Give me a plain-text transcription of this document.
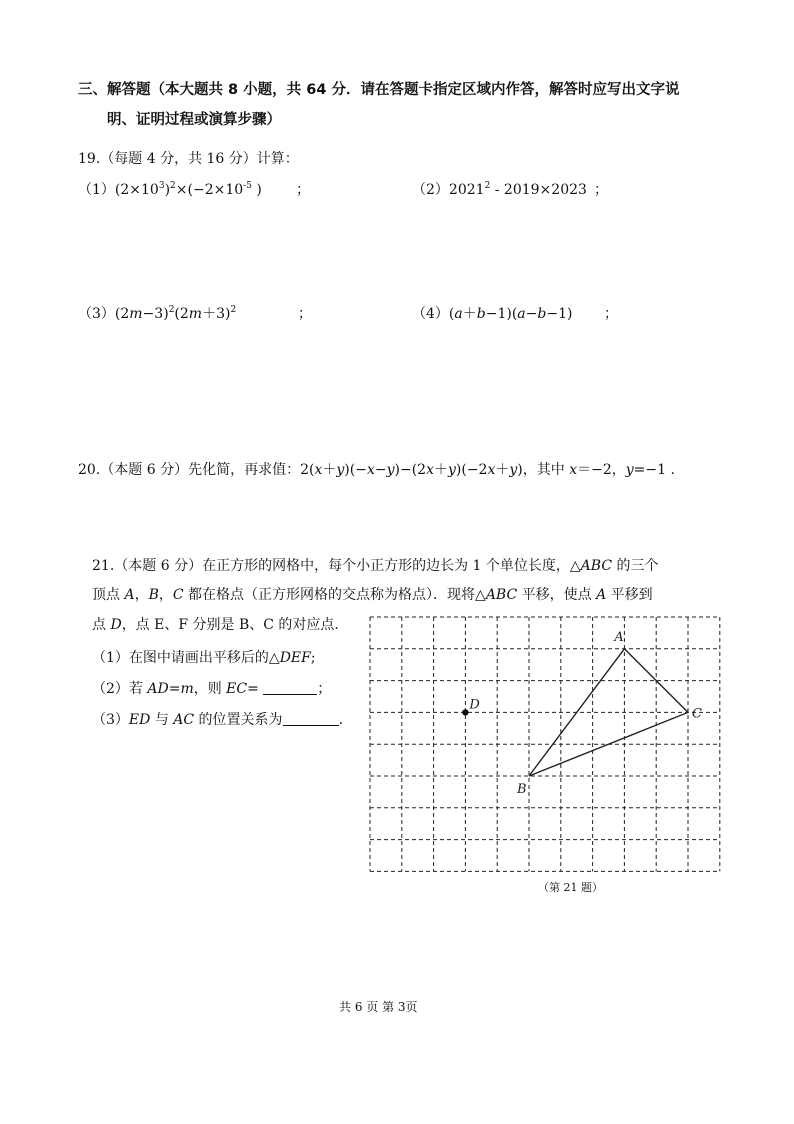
三、解答题（本大题共 8 小题，共 64 分．请在答题卡指定区域内作答，解答时应写出文字说
明、证明过程或演算步骤）
19.（每题 4 分，共 16 分）计算：
$(1)(2\times 10^3)^2\times(-2\times 10^{-5}$ ) ；	（2）2021$^2$ - 2019×2023 ；
$(3)(2m-3)^2(2m+3)^2$	；	（4）(a＋b−1)(a−b−1) ；
20.（本题 6 分）先化简，再求值：2(x＋y)(−x−y)−(2x＋y)(−2x＋y)，其中 x＝−2，y=−1 .
21.（本题 6 分）在正方形的网格中，每个小正方形的边长为 1 个单位长度，△ABC 的三个
顶点 A，B，C 都在格点（正方形网格的交点称为格点）．现将△ABC 平移，使点 A 平移到
点 D，点 E、F 分别是 B、C 的对应点．
（1）在图中请画出平移后的△DEF;
（2）若 AD=m，则 EC=	；
（3）ED 与 AC 的位置关系为	.
A
B
C
D
（第 21 题）
共 6 页 第 3页
